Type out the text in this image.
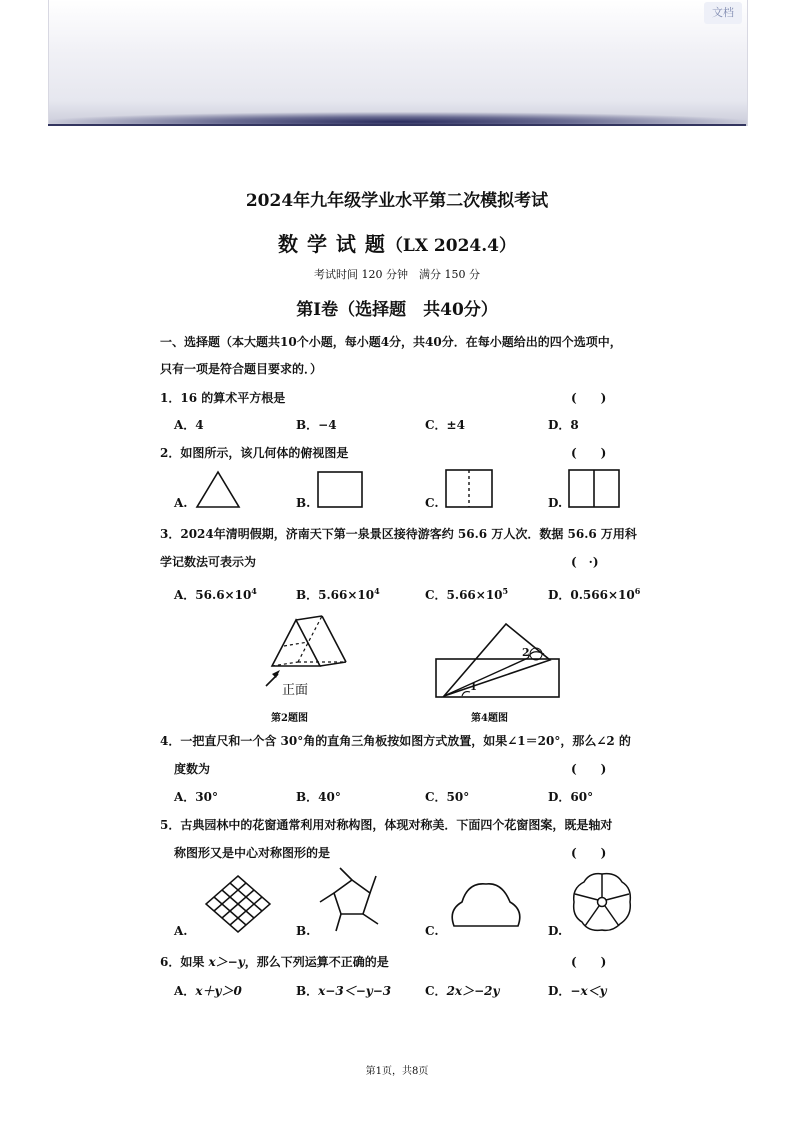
文档
2024年九年级学业水平第二次模拟考试
数 学 试 题（LX 2024.4）
考试时间 120 分钟　满分 150 分
第Ⅰ卷（选择题　共40分）
一、选择题（本大题共10个小题，每小题4分，共40分．在每小题给出的四个选项中，
只有一项是符合题目要求的．）
1．16 的算术平方根是	(　　)
A．4	B．−4	C．±4	D．8
2．如图所示，该几何体的俯视图是	(　　)
A.	B.	C.	D.
3．2024年清明假期，济南天下第一泉景区接待游客约 56.6 万人次．数据 56.6 万用科
学记数法可表示为	(　·)
A．$56.6\times 10^4$	B．$5.66\times 10^4$	C．$5.66\times 10^5$	D．$0.566\times 10^6$
正面
第2题图
2
1
第4题图
4．一把直尺和一个含 30°角的直角三角板按如图方式放置，如果∠1＝20°，那么∠2 的
度数为	(　　)
A．30°	B．40°	C．50°	D．60°
5．古典园林中的花窗通常利用对称构图，体现对称美．下面四个花窗图案，既是轴对
称图形又是中心对称图形的是	(　　)
A.	B.	C.	D.
6．如果 x＞−y，那么下列运算不正确的是	(　　)
A．x＋y＞0	B．x−3＜−y−3	C．2x＞−2y	D．−x＜y
第1页，共8页
